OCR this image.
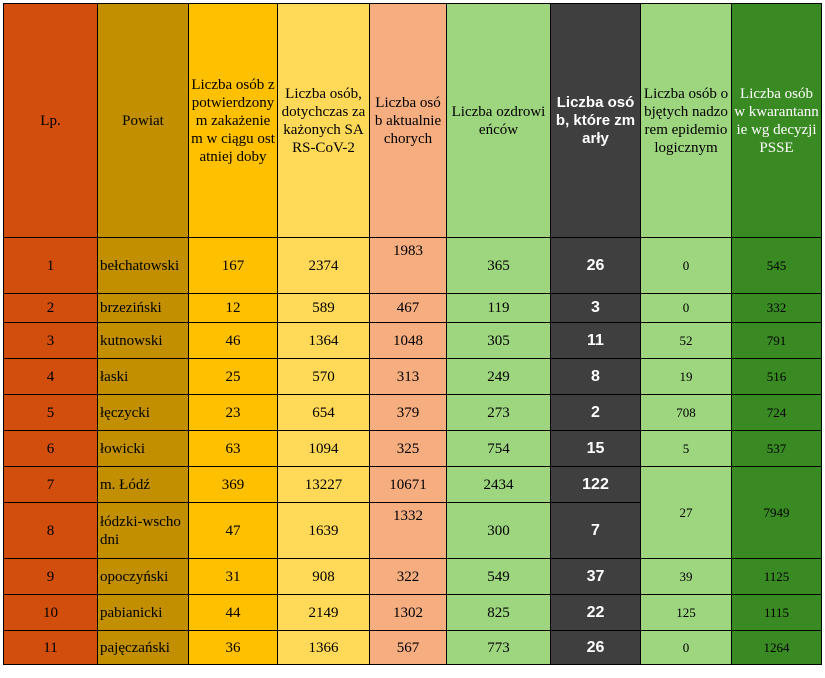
Lp.	Powiat	Liczba osób z potwierdzonym zakażeniem w ciągu ostatniej doby	Liczba osób, dotychczas zakażonych SARS-CoV-2	Liczba osób aktualnie chorych	Liczba ozdrowieńców	Liczba osób, które zmarły	Liczba osób objętych nadzorem epidemiologicznym	Liczba osób w kwarantannie wg decyzji PSSE
1	bełchatowski	167	2374	1983	365	26	0	545
2	brzeziński	12	589	467	119	3	0	332
3	kutnowski	46	1364	1048	305	11	52	791
4	łaski	25	570	313	249	8	19	516
5	łęczycki	23	654	379	273	2	708	724
6	łowicki	63	1094	325	754	15	5	537
7	m. Łódź	369	13227	10671	2434	122	27	7949
8	łódzki-wschodni	47	1639	1332	300	7		
9	opoczyński	31	908	322	549	37	39	1125
10	pabianicki	44	2149	1302	825	22	125	1115
11	pajęczański	36	1366	567	773	26	0	1264
